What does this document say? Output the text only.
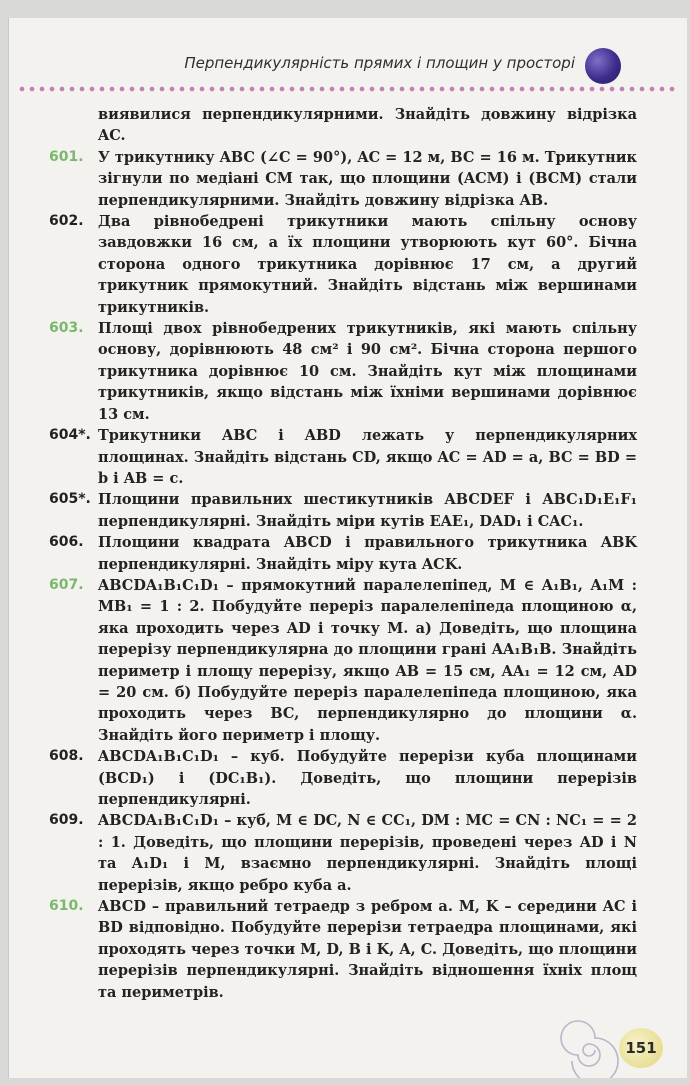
Перпендикулярність прямих і площин у просторі

виявилися перпендикулярними. Знайдіть довжину відрізка AC.

601. У трикутнику ABC (∠C = 90°), AC = 12 м, BC = 16 м. Трикутник зігнули по медіані CM так, що площини (ACM) і (BCM) стали перпендикулярними. Знайдіть довжину відрізка AB.

602. Два рівнобедрені трикутники мають спільну основу завдовжки 16 см, а їх площини утворюють кут 60°. Бічна сторона одного трикутника дорівнює 17 см, а другий трикутник прямокутний. Знайдіть відстань між вершинами трикутників.

603. Площі двох рівнобедрених трикутників, які мають спільну основу, дорівнюють 48 см² і 90 см². Бічна сторона першого трикутника дорівнює 10 см. Знайдіть кут між площинами трикутників, якщо відстань між їхніми вершинами дорівнює 13 см.

604*. Трикутники ABC і ABD лежать у перпендикулярних площинах. Знайдіть відстань CD, якщо AC = AD = a, BC = BD = b і AB = c.

605*. Площини правильних шестикутників ABCDEF і ABC₁D₁E₁F₁ перпендикулярні. Знайдіть міри кутів EAE₁, DAD₁ і CAC₁.

606. Площини квадрата ABCD і правильного трикутника ABK перпендикулярні. Знайдіть міру кута ACK.

607. ABCDA₁B₁C₁D₁ – прямокутний паралелепіпед, M ∈ A₁B₁, A₁M : MB₁ = 1 : 2. Побудуйте переріз паралелепіпеда площиною α, яка проходить через AD і точку M. а) Доведіть, що площина перерізу перпендикулярна до площини грані AA₁B₁B. Знайдіть периметр і площу перерізу, якщо AB = 15 см, AA₁ = 12 см, AD = 20 см. б) Побудуйте переріз паралелепіпеда площиною, яка проходить через BC, перпендикулярно до площини α. Знайдіть його периметр і площу.

608. ABCDA₁B₁C₁D₁ – куб. Побудуйте перерізи куба площинами (BCD₁) і (DC₁B₁). Доведіть, що площини перерізів перпендикулярні.

609. ABCDA₁B₁C₁D₁ – куб, M ∈ DC, N ∈ CC₁, DM : MC = CN : NC₁ = = 2 : 1. Доведіть, що площини перерізів, проведені через AD і N та A₁D₁ і M, взаємно перпендикулярні. Знайдіть площі перерізів, якщо ребро куба a.

610. ABCD – правильний тетраедр з ребром a. M, K – середини AC і BD відповідно. Побудуйте перерізи тетраедра площинами, які проходять через точки M, D, B і K, A, C. Доведіть, що площини перерізів перпендикулярні. Знайдіть відношення їхніх площ та периметрів.

151
